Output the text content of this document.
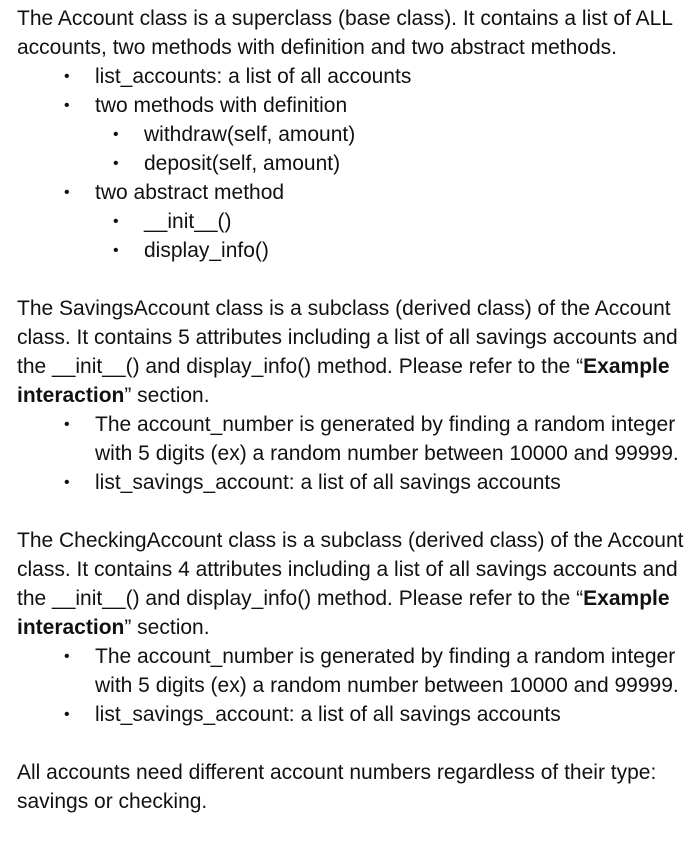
The Account class is a superclass (base class). It contains a list of ALL accounts, two methods with definition and two abstract methods.

• list_accounts: a list of all accounts
• two methods with definition
• withdraw(self, amount)
• deposit(self, amount)
• two abstract method
• __init__()
• display_info()

The SavingsAccount class is a subclass (derived class) of the Account class. It contains 5 attributes including a list of all savings accounts and the __init__() and display_info() method. Please refer to the “Example interaction” section.

• The account_number is generated by finding a random integer with 5 digits (ex) a random number between 10000 and 99999.
• list_savings_account: a list of all savings accounts

The CheckingAccount class is a subclass (derived class) of the Account class. It contains 4 attributes including a list of all savings accounts and the __init__() and display_info() method. Please refer to the “Example interaction” section.

• The account_number is generated by finding a random integer with 5 digits (ex) a random number between 10000 and 99999.
• list_savings_account: a list of all savings accounts

All accounts need different account numbers regardless of their type: savings or checking.
